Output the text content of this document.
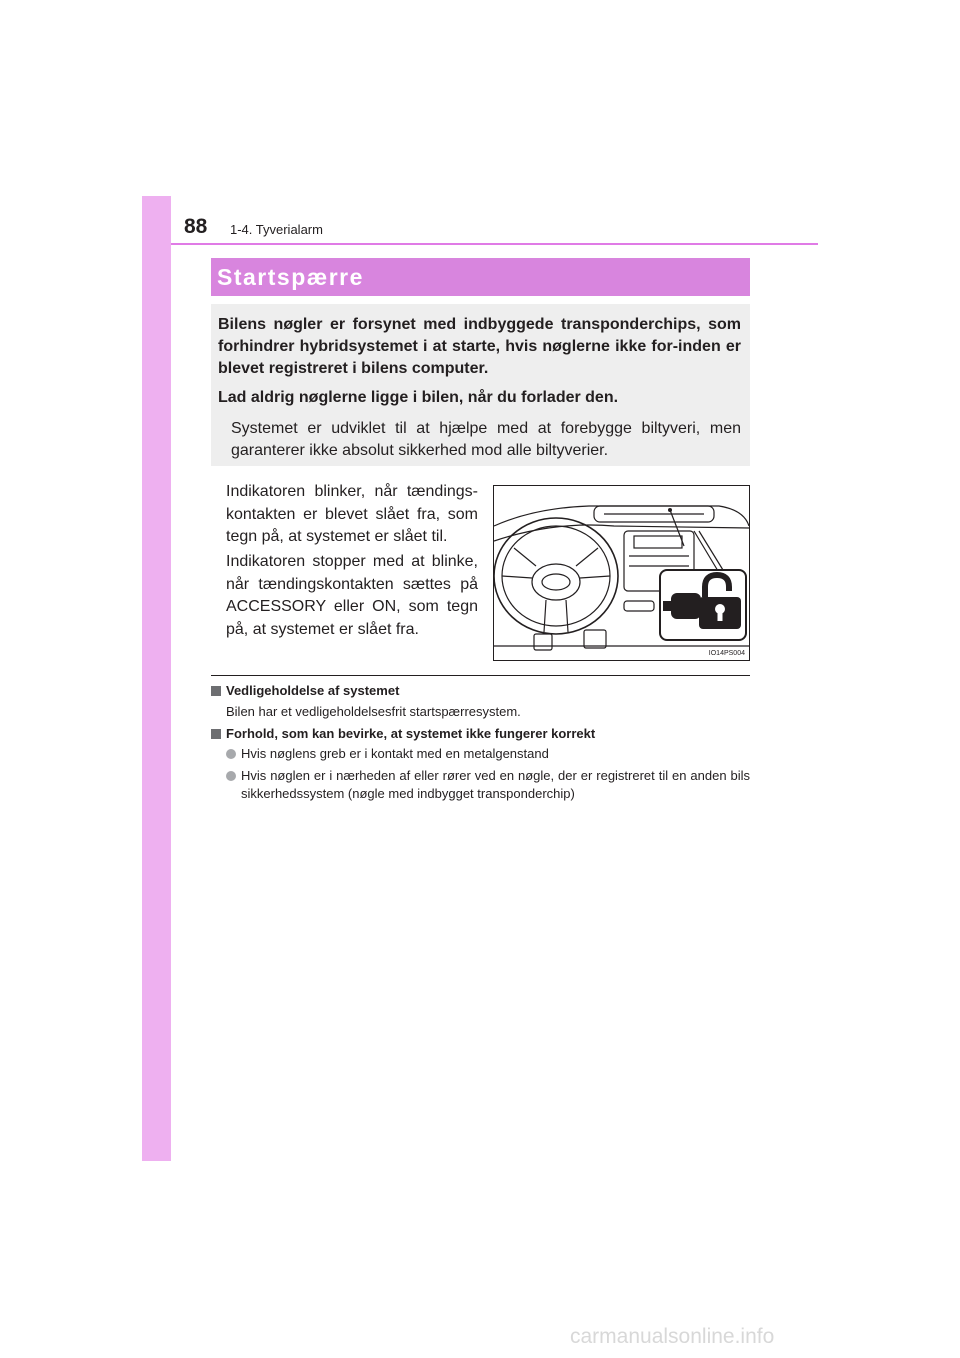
88 1-4. Tyverialarm
Startspærre
Bilens nøgler er forsynet med indbyggede transponderchips, som forhindrer hybridsystemet i at starte, hvis nøglerne ikke for-inden er blevet registreret i bilens computer.
Lad aldrig nøglerne ligge i bilen, når du forlader den.
Systemet er udviklet til at hjælpe med at forebygge biltyveri, men garanterer ikke absolut sikkerhed mod alle biltyverier.
Indikatoren blinker, når tændings-kontakten er blevet slået fra, som tegn på, at systemet er slået til.
Indikatoren stopper med at blinke, når tændingskontakten sættes på ACCESSORY eller ON, som tegn på, at systemet er slået fra.
IO14PS004
Vedligeholdelse af systemet
Bilen har et vedligeholdelsesfrit startspærresystem.
Forhold, som kan bevirke, at systemet ikke fungerer korrekt
Hvis nøglens greb er i kontakt med en metalgenstand
Hvis nøglen er i nærheden af eller rører ved en nøgle, der er registreret til en anden bils sikkerhedssystem (nøgle med indbygget transponderchip)
carmanualsonline.info
